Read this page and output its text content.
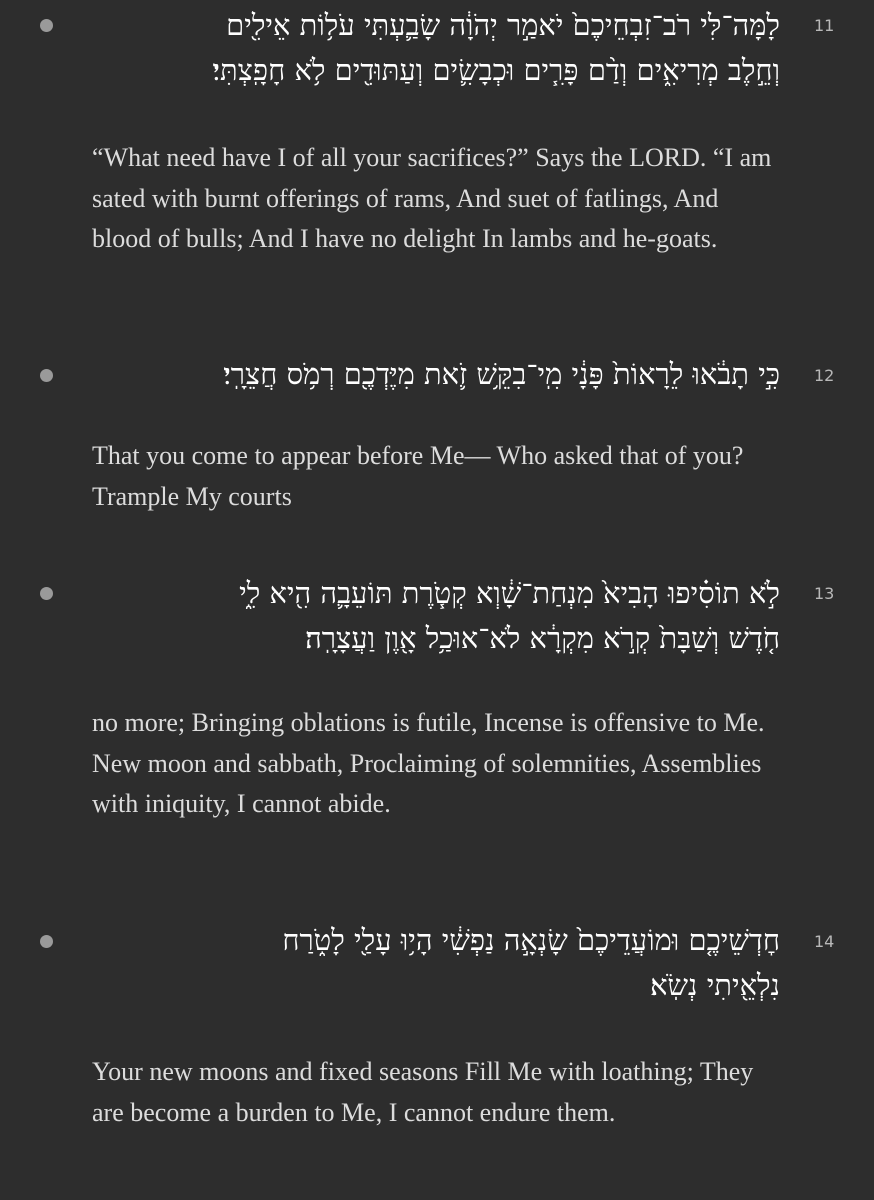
11
לָמָּה־לִּי רֹב־זִבְחֵיכֶם֙ יֹאמַ֣ר יְהֹוָ֔ה שָׂבַ֛עְתִּי עֹל֥וֹת אֵילִ֖ים
וְחֵ֣לֶב מְרִיאִ֑ים וְדַ֨ם פָּרִ֧ים וּכְבָשִׂ֛ים וְעַתּוּדִ֖ים לֹ֥א חָפָֽצְתִּי׃
“What need have I of all your sacrifices?” Says the LORD. “I am sated with burnt offerings of rams, And suet of fatlings, And blood of bulls; And I have no delight In lambs and he-goats.
12
כִּ֣י תָבֹ֔אוּ לֵרָאוֹת֙ פָּנָ֔י מִֽי־בִקֵּ֥שׁ זֹ֛את מִיֶּדְכֶ֖ם רְמֹ֥ס חֲצֵרָֽי׃
That you come to appear before Me— Who asked that of you? Trample My courts
13
לֹ֣א תוֹסִ֗יפוּ הָבִיא֙ מִנְחַת־שָׁ֔וְא קְטֹ֧רֶת תּוֹעֵבָ֛ה הִ֖יא לִ֑י
חֹ֤דֶשׁ וְשַׁבָּת֙ קְרֹ֣א מִקְרָ֔א לֹא־אוּכַ֥ל אָ֖וֶן וַעֲצָרָֽה׃
no more; Bringing oblations is futile, Incense is offensive to Me. New moon and sabbath, Proclaiming of solemnities, Assemblies with iniquity, I cannot abide.
14
חׇדְשֵׁיכֶ֤ם וּמוֹעֲדֵיכֶם֙ שָׂנְאָ֣ה נַפְשִׁ֔י הָי֥וּ עָלַ֖י לָטֹ֑רַח
נִלְאֵ֖יתִי נְשֹֽׂא׃
Your new moons and fixed seasons Fill Me with loathing; They are become a burden to Me, I cannot endure them.
